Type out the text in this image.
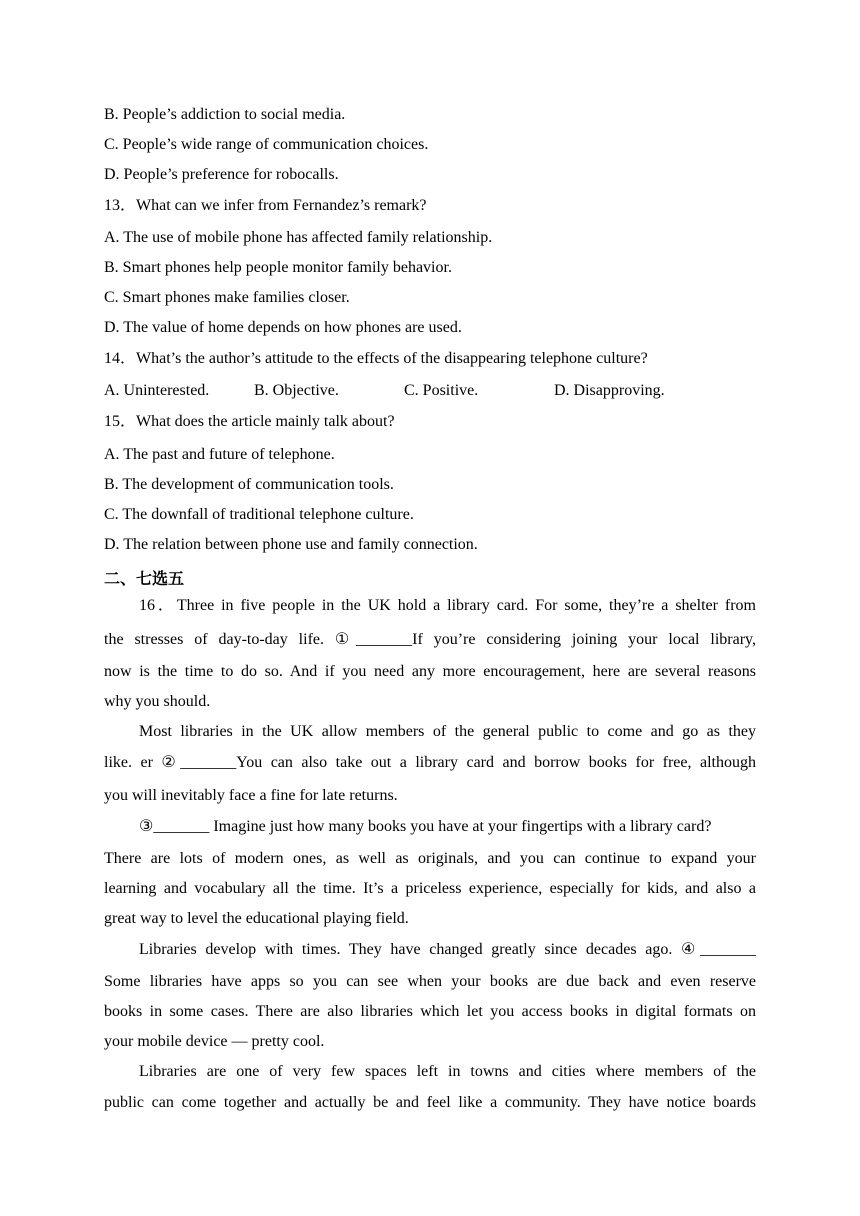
B. People’s addiction to social media.
C. People’s wide range of communication choices.
D. People’s preference for robocalls.
13．What can we infer from Fernandez’s remark?
A. The use of mobile phone has affected family relationship.
B. Smart phones help people monitor family behavior.
C. Smart phones make families closer.
D. The value of home depends on how phones are used.
14．What’s the author’s attitude to the effects of the disappearing telephone culture?
A. Uninterested.	B. Objective.	C. Positive.	D. Disapproving.
15．What does the article mainly talk about?
A. The past and future of telephone.
B. The development of communication tools.
C. The downfall of traditional telephone culture.
D. The relation between phone use and family connection.
二、七选五
16．Three in five people in the UK hold a library card. For some, they’re a shelter from
the stresses of day-to-day life. ①_______If you’re considering joining your local library,
now is the time to do so. And if you need any more encouragement, here are several reasons
why you should.
Most libraries in the UK allow members of the general public to come and go as they
like. er ②_______You can also take out a library card and borrow books for free, although
you will inevitably face a fine for late returns.
③_______ Imagine just how many books you have at your fingertips with a library card?
There are lots of modern ones, as well as originals, and you can continue to expand your
learning and vocabulary all the time. It’s a priceless experience, especially for kids, and also a
great way to level the educational playing field.
Libraries develop with times. They have changed greatly since decades ago. ④_______
Some libraries have apps so you can see when your books are due back and even reserve
books in some cases. There are also libraries which let you access books in digital formats on
your mobile device — pretty cool.
Libraries are one of very few spaces left in towns and cities where members of the
public can come together and actually be and feel like a community. They have notice boards
